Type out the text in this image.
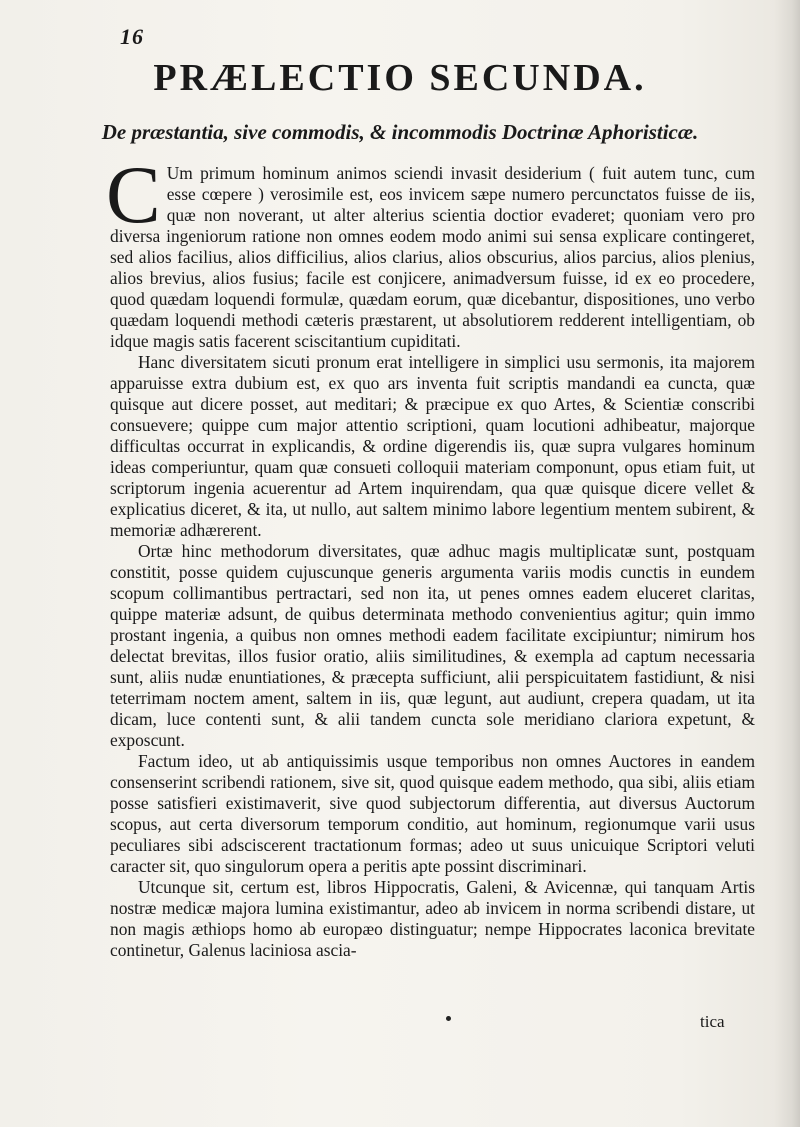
16
PRÆLECTIO SECUNDA.
De præstantia, sive commodis, & incommodis Doctrinæ Aphoristicæ.

C Um primum hominum animos sciendi invasit desiderium ( fuit autem tunc, cum esse cœpere ) verosimile est, eos invicem sæpe numero percunctatos fuisse de iis, quæ non noverant, ut alter alterius scientia doctior evaderet; quoniam vero pro diversa ingeniorum ratione non omnes eodem modo animi sui sensa explicare contingeret, sed alios facilius, alios difficilius, alios clarius, alios obscurius, alios parcius, alios plenius, alios brevius, alios fusius; facile est conjicere, animadversum fuisse, id ex eo procedere, quod quædam loquendi formulæ, quædam eorum, quæ dicebantur, dispositiones, uno verbo quædam loquendi methodi cæteris præstarent, ut absolutiorem redderent intelligentiam, ob idque magis satis facerent sciscitantium cupiditati.

Hanc diversitatem sicuti pronum erat intelligere in simplici usu sermonis, ita majorem apparuisse extra dubium est, ex quo ars inventa fuit scriptis mandandi ea cuncta, quæ quisque aut dicere posset, aut meditari; & præcipue ex quo Artes, & Scientiæ conscribi consuevere; quippe cum major attentio scriptioni, quam locutioni adhibeatur, majorque difficultas occurrat in explicandis, & ordine digerendis iis, quæ supra vulgares hominum ideas comperiuntur, quam quæ consueti colloquii materiam componunt, opus etiam fuit, ut scriptorum ingenia acuerentur ad Artem inquirendam, qua quæ quisque dicere vellet & explicatius diceret, & ita, ut nullo, aut saltem minimo labore legentium mentem subirent, & memoriæ adhærerent.

Ortæ hinc methodorum diversitates, quæ adhuc magis multiplicatæ sunt, postquam constitit, posse quidem cujuscunque generis argumenta variis modis cunctis in eundem scopum collimantibus pertractari, sed non ita, ut penes omnes eadem eluceret claritas, quippe materiæ adsunt, de quibus determinata methodo convenientius agitur; quin immo prostant ingenia, a quibus non omnes methodi eadem facilitate excipiuntur; nimirum hos delectat brevitas, illos fusior oratio, aliis similitudines, & exempla ad captum necessaria sunt, aliis nudæ enuntiationes, & præcepta sufficiunt, alii perspicuitatem fastidiunt, & nisi teterrimam noctem ament, saltem in iis, quæ legunt, aut audiunt, crepera quadam, ut ita dicam, luce contenti sunt, & alii tandem cuncta sole meridiano clariora expetunt, & exposcunt.

Factum ideo, ut ab antiquissimis usque temporibus non omnes Auctores in eandem consenserint scribendi rationem, sive sit, quod quisque eadem methodo, qua sibi, aliis etiam posse satisfieri existimaverit, sive quod subjectorum differentia, aut diversus Auctorum scopus, aut certa diversorum temporum conditio, aut hominum, regionumque varii usus peculiares sibi adsciscerent tractationum formas; adeo ut suus unicuique Scriptori veluti caracter sit, quo singulorum opera a peritis apte possint discriminari.

Utcunque sit, certum est, libros Hippocratis, Galeni, & Avicennæ, qui tanquam Artis nostræ medicæ majora lumina existimantur, adeo ab invicem in norma scribendi distare, ut non magis æthiops homo ab europæo distinguatur; nempe Hippocrates laconica brevitate continetur, Galenus laciniosa ascia-

tica
